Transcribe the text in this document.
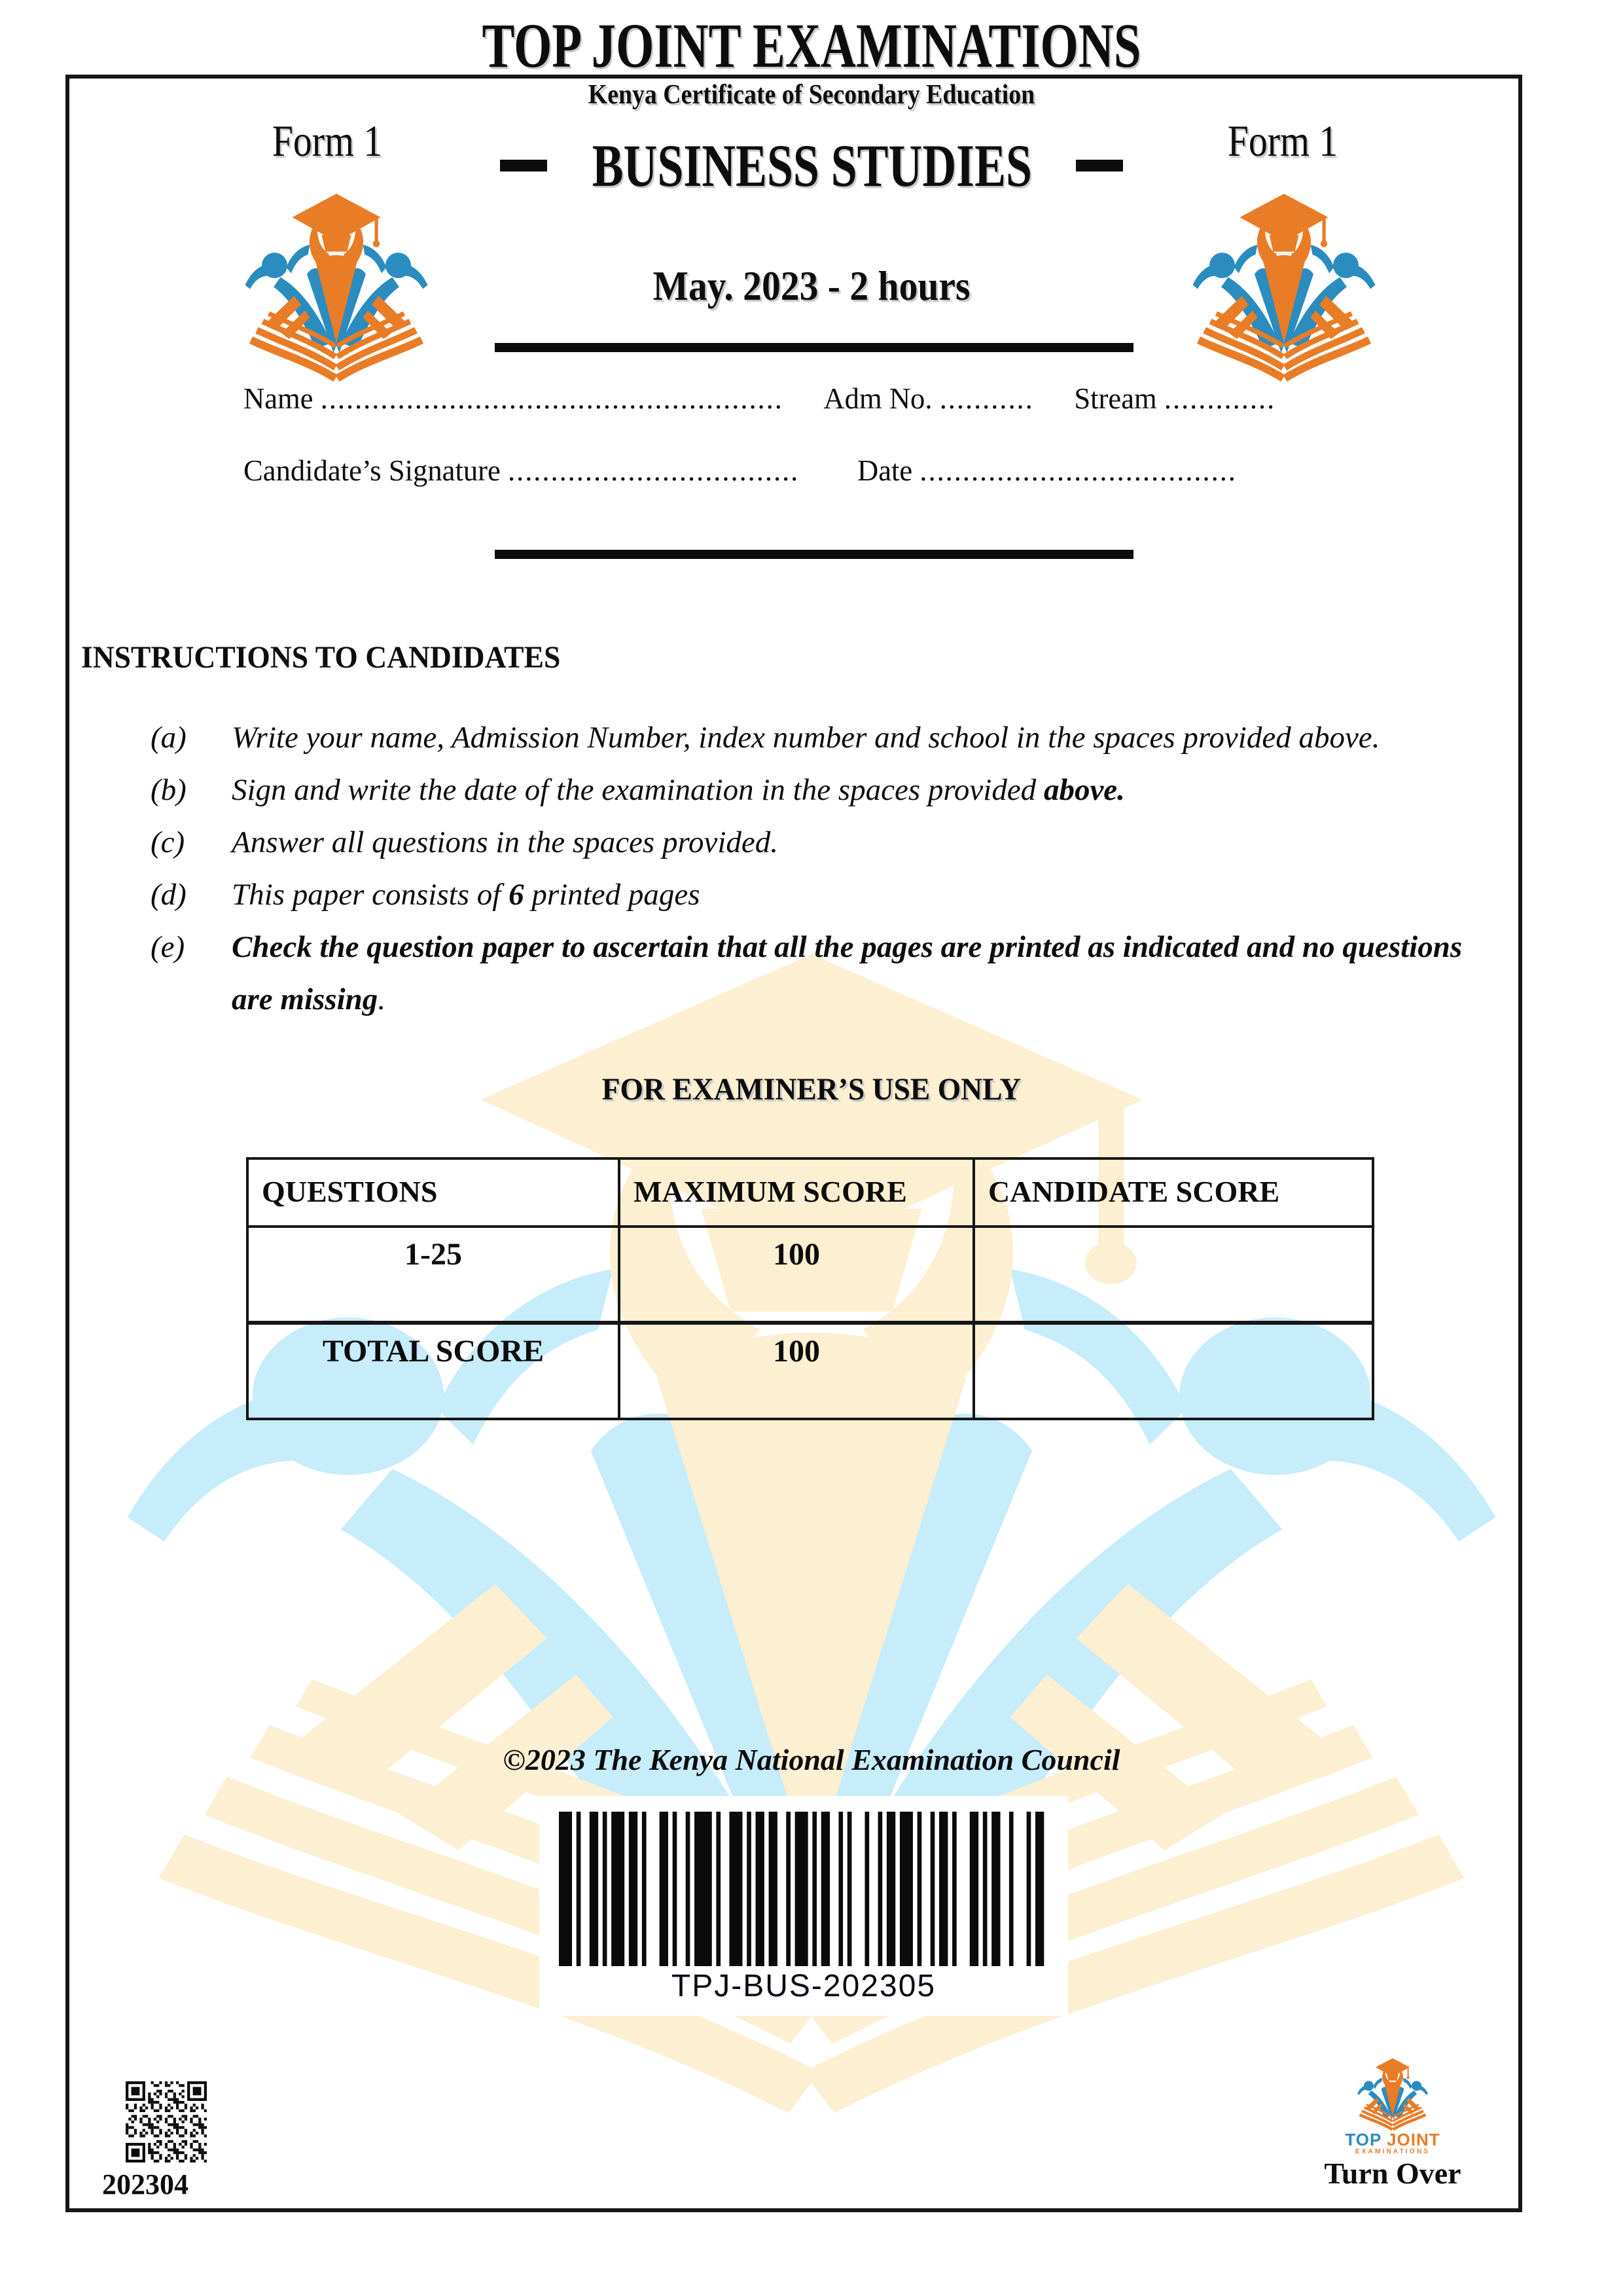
TOP JOINT EXAMINATIONS
Kenya Certificate of Secondary Education
Form 1	Form 1
BUSINESS STUDIES
May. 2023 - 2 hours
Name ......................................................	Adm No. ...........	Stream .............
Candidate’s Signature ..................................	Date .....................................
INSTRUCTIONS TO CANDIDATES
(a)	Write your name, Admission Number, index number and school in the spaces provided above.
(b)	Sign and write the date of the examination in the spaces provided above.
(c)	Answer all questions in the spaces provided.
(d)	This paper consists of 6 printed pages
(e)	Check the question paper to ascertain that all the pages are printed as indicated and no questions are missing.
FOR EXAMINER’S USE ONLY
QUESTIONS	MAXIMUM SCORE	CANDIDATE SCORE
1-25	100	
TOTAL SCORE	100	

©2023 The Kenya National Examination Council

TPJ-BUS-202305

202304

TOP JOINT
EXAMINATIONS

Turn Over
